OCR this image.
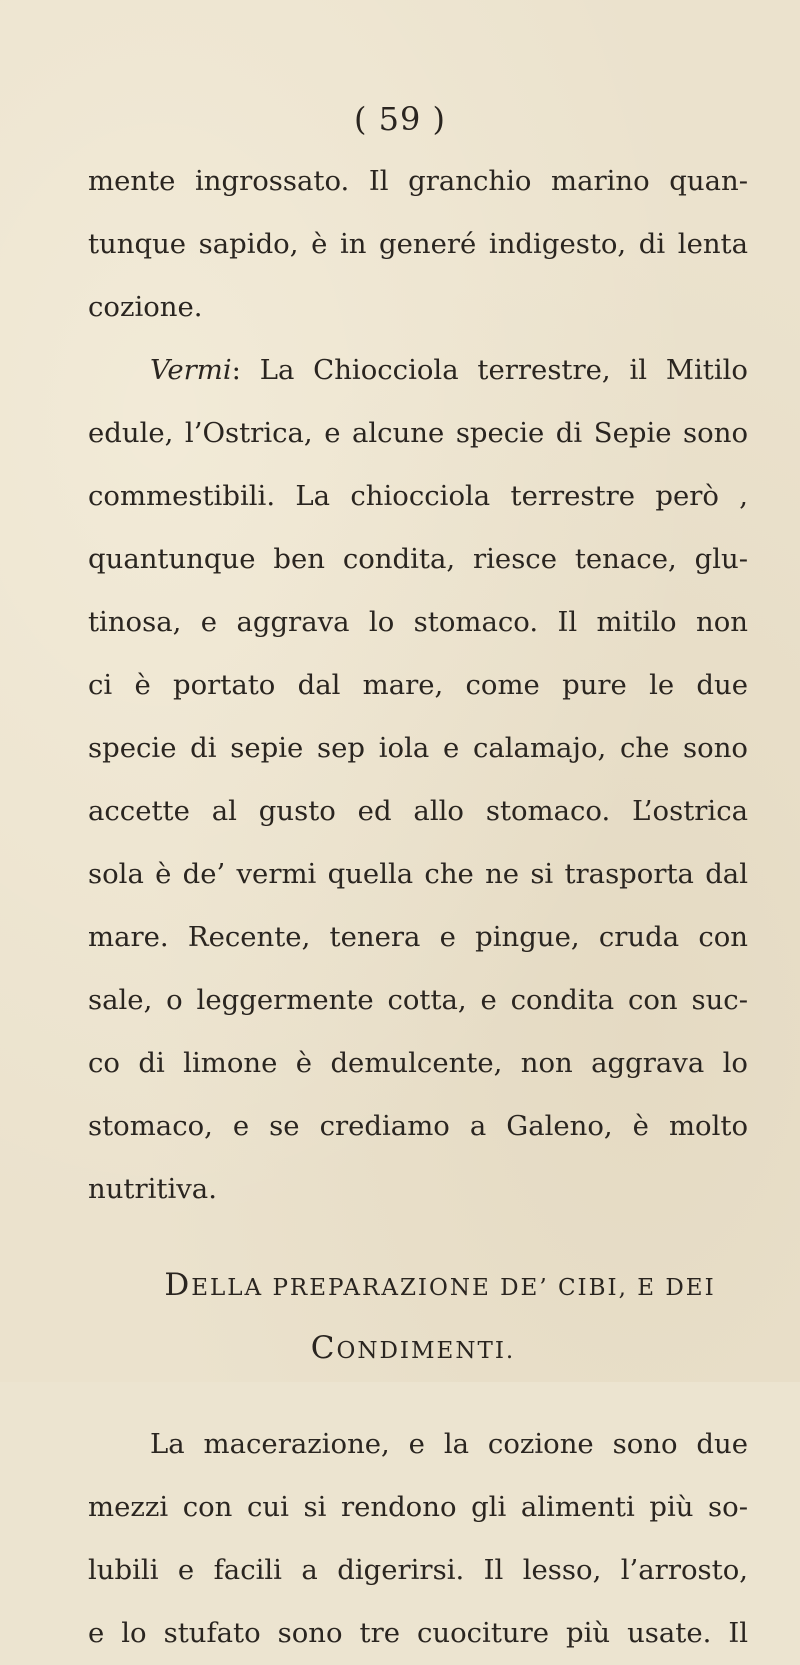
( 59 )
mente ingrossato. Il granchio marino quan-
tunque sapido, è in generé indigesto, di lenta
cozione.
Vermi: La Chiocciola terrestre, il Mitilo
edule, l’Ostrica, e alcune specie di Sepie sono
commestibili. La chiocciola terrestre però ,
quantunque ben condita, riesce tenace, glu-
tinosa, e aggrava lo stomaco. Il mitilo non
ci è portato dal mare, come pure le due
specie di sepie sep iola e calamajo, che sono
accette al gusto ed allo stomaco. L’ostrica
sola è de’ vermi quella che ne si trasporta dal
mare. Recente, tenera e pingue, cruda con
sale, o leggermente cotta, e condita con suc-
co di limone è demulcente, non aggrava lo
stomaco, e se crediamo a Galeno, è molto
nutritiva.
DELLA PREPARAZIONE DE’ CIBI, E DEI
CONDIMENTI.
La macerazione, e la cozione sono due
mezzi con cui si rendono gli alimenti più so-
lubili e facili a digerirsi. Il lesso, l’arrosto,
e lo stufato sono tre cuociture più usate. Il
